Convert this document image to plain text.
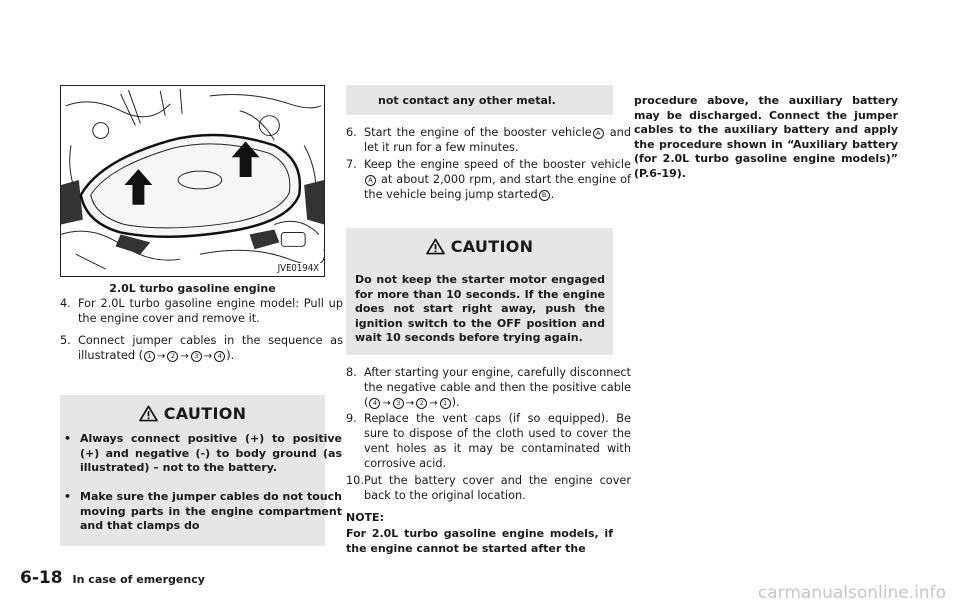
JVE0194X
2.0L turbo gasoline engine
4. For 2.0L turbo gasoline engine model: Pull up the engine cover and remove it.
5. Connect jumper cables in the sequence as illustrated ( 1 → 2 → 3 → 4 ).
CAUTION
• Always connect positive (+) to positive (+) and negative (-) to body ground (as illustrated) – not to the battery.
• Make sure the jumper cables do not touch moving parts in the engine compartment and that clamps do
not contact any other metal.
6. Start the engine of the booster vehicle A and let it run for a few minutes.
7. Keep the engine speed of the booster vehicleA at about 2,000 rpm, and start the engine of the vehicle being jump started B .
CAUTION
Do not keep the starter motor engaged for more than 10 seconds. If the engine does not start right away, push the ignition switch to the OFF position and wait 10 seconds before trying again.
8. After starting your engine, carefully disconnect the negative cable and then the positive cable ( 4 → 3 → 2 → 1 ).
9. Replace the vent caps (if so equipped). Be sure to dispose of the cloth used to cover the vent holes as it may be contaminated with corrosive acid.
10.Put the battery cover and the engine cover back to the original location.
NOTE:
For 2.0L turbo gasoline engine models, if the engine cannot be started after the
procedure above, the auxiliary battery may be discharged. Connect the jumper cables to the auxiliary battery and apply the procedure shown in “Auxiliary battery (for 2.0L turbo gasoline engine models)” (P.6-19).
6-18 In case of emergency
carmanualsonline.info
